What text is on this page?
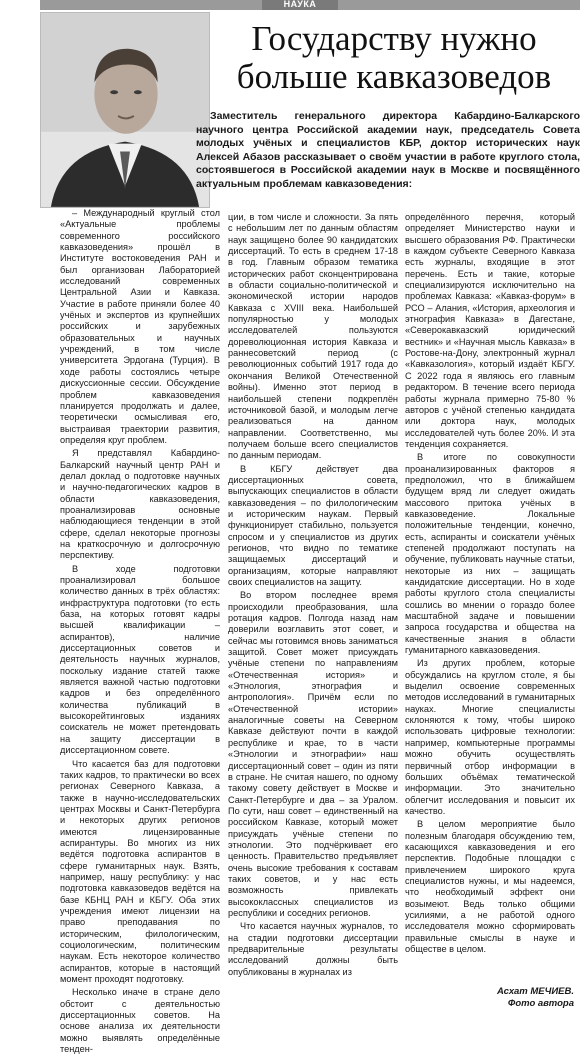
НАУКА
Государству нужно больше кавказоведов

Заместитель генерального директора Кабардино-Балкарского научного центра Российской академии наук, председатель Совета молодых учёных и специалистов КБР, доктор исторических наук Алексей Абазов рассказывает о своём участии в работе круглого стола, состоявшегося в Российской академии наук в Москве и посвящённого актуальным проблемам кавказоведения:

– Международный круглый стол «Актуальные проблемы современного российского кавказоведения» прошёл в Институте востоковедения РАН и был организован Лабораторией исследований современных Центральной Азии и Кавказа. Участие в работе приняли более 40 учёных и экспертов из крупнейших российских и зарубежных образовательных и научных учреждений, в том числе университета Эрдогана (Турция). В ходе работы состоялись четыре дискуссионные сессии. Обсуждение проблем кавказоведения планируется продолжать и далее, теоретически осмысливая его, выстраивая траектории развития, определяя круг проблем.

Я представлял Кабардино-Балкарский научный центр РАН и делал доклад о подготовке научных и научно-педагогических кадров в области кавказоведения, проанализировав основные наблюдающиеся тенденции в этой сфере, сделал некоторые прогнозы на краткосрочную и долгосрочную перспективу.

В ходе подготовки проанализировал большое количество данных в трёх областях: инфраструктура подготовки (то есть база, на которых готовят кадры высшей квалификации – аспирантов), наличие диссертационных советов и деятельность научных журналов, поскольку издание статей также является важной частью подготовки кадров и без определённого количества публикаций в высокорейтинговых изданиях соискатель не может претендовать на защиту диссертации в диссертационном совете.

Что касается баз для подготовки таких кадров, то практически во всех регионах Северного Кавказа, а также в научно-исследовательских центрах Москвы и Санкт-Петербурга и некоторых других регионов имеются лицензированные аспирантуры. Во многих из них ведётся подготовка аспирантов в сфере гуманитарных наук. Взять, например, нашу республику: у нас подготовка кавказоведов ведётся на базе КБНЦ РАН и КБГУ. Оба этих учреждения имеют лицензии на право преподавания по историческим, филологическим, социологическим, политическим наукам. Есть некоторое количество аспирантов, которые в настоящий момент проходят подготовку.

Несколько иначе в стране дело обстоит с деятельностью диссертационных советов. На основе анализа их деятельности можно выявлять определённые тенден-

ции, в том числе и сложности. За пять с небольшим лет по данным областям наук защищено более 90 кандидатских диссертаций. То есть в среднем 17-18 в год. Главным образом тематика исторических работ сконцентрирована в области социально-политической и экономической истории народов Кавказа с XVIII века. Наибольшей популярностью у молодых исследователей пользуются дореволюционная история Кавказа и раннесоветский период (с революционных событий 1917 года до окончания Великой Отечественной войны). Именно этот период в наибольшей степени подкреплён источниковой базой, и молодым легче реализоваться на данном направлении. Соответственно, мы получаем больше всего специалистов по данным периодам.

В КБГУ действует два диссертационных совета, выпускающих специалистов в области кавказоведения – по филологическим и историческим наукам. Первый функционирует стабильно, пользуется спросом и у специалистов из других регионов, что видно по тематике защищаемых диссертаций и организациям, которые направляют своих специалистов на защиту.

Во втором последнее время происходили преобразования, шла ротация кадров. Полгода назад нам доверили возглавить этот совет, и сейчас мы готовимся вновь заниматься защитой. Совет может присуждать учёные степени по направлениям «Отечественная история» и «Этнология, этнография и антропология». Причём если по «Отечественной истории» аналогичные советы на Северном Кавказе действуют почти в каждой республике и крае, то в части «Этнологии и этнографии» наш диссертационный совет – один из пяти в стране. Не считая нашего, по одному такому совету действует в Москве и Санкт-Петербурге и два – за Уралом. По сути, наш совет – единственный на российском Кавказе, который может присуждать учёные степени по этнологии. Это подчёркивает его ценность. Правительство предъявляет очень высокие требования к составам таких советов, и у нас есть возможность привлекать высококлассных специалистов из республики и соседних регионов.

Что касается научных журналов, то на стадии подготовки диссертации предварительные результаты исследований должны быть опубликованы в журналах из

определённого перечня, который определяет Министерство науки и высшего образования РФ. Практически в каждом субъекте Северного Кавказа есть журналы, входящие в этот перечень. Есть и такие, которые специализируются исключительно на проблемах Кавказа: «Кавказ-форум» в РСО – Алания, «История, археология и этнография Кавказа» в Дагестане, «Северокавказский юридический вестник» и «Научная мысль Кавказа» в Ростове-на-Дону, электронный журнал «Кавказология», который издаёт КБГУ. С 2022 года я являюсь его главным редактором. В течение всего периода работы журнала примерно 75-80 % авторов с учёной степенью кандидата или доктора наук, молодых исследователей чуть более 20%. И эта тенденция сохраняется.

В итоге по совокупности проанализированных факторов я предположил, что в ближайшем будущем вряд ли следует ожидать массового притока учёных в кавказоведение. Локальные положительные тенденции, конечно, есть, аспиранты и соискатели учёных степеней продолжают поступать на обучение, публиковать научные статьи, некоторые из них – защищать кандидатские диссертации. Но в ходе работы круглого стола специалисты сошлись во мнении о гораздо более масштабной задаче и повышении запроса государства и общества на качественные знания в области гуманитарного кавказоведения.

Из других проблем, которые обсуждались на круглом столе, я бы выделил освоение современных методов исследований в гуманитарных науках. Многие специалисты склоняются к тому, чтобы широко использовать цифровые технологии: например, компьютерные программы можно обучить осуществлять первичный отбор информации в больших объёмах тематической информации. Это значительно облегчит исследования и повысит их качество.

В целом мероприятие было полезным благодаря обсуждению тем, касающихся кавказоведения и его перспектив. Подобные площадки с привлечением широкого круга специалистов нужны, и мы надеемся, что необходимый эффект они возымеют. Ведь только общими усилиями, а не работой одного исследователя можно сформировать правильные смыслы в науке и обществе в целом.

Асхат МЕЧИЕВ.
Фото автора
